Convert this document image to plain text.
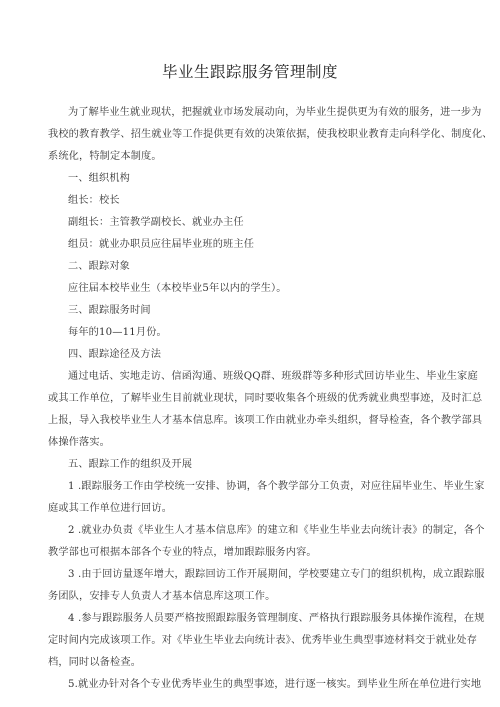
毕业生跟踪服务管理制度
为了解毕业生就业现状，把握就业市场发展动向，为毕业生提供更为有效的服务，进一步为
我校的教育教学、招生就业等工作提供更有效的决策依据，使我校职业教育走向科学化、制度化、
系统化，特制定本制度。
一、组织机构
组长：校长
副组长：主管教学副校长、就业办主任
组员：就业办职员应往届毕业班的班主任
二、跟踪对象
应往届本校毕业生（本校毕业5年以内的学生）。
三、跟踪服务时间
每年的10—11月份。
四、跟踪途径及方法
通过电话、实地走访、信函沟通、班级QQ群、班级群等多种形式回访毕业生、毕业生家庭
或其工作单位，了解毕业生目前就业现状，同时要收集各个班级的优秀就业典型事迹，及时汇总
上报，导入我校毕业生人才基本信息库。该项工作由就业办牵头组织，督导检查，各个教学部具
体操作落实。
五、跟踪工作的组织及开展
1 .跟踪服务工作由学校统一安排、协调，各个教学部分工负责，对应往届毕业生、毕业生家
庭或其工作单位进行回访。
2 .就业办负责《毕业生人才基本信息库》的建立和《毕业生毕业去向统计表》的制定，各个
教学部也可根据本部各个专业的特点，增加跟踪服务内容。
3 .由于回访量逐年增大，跟踪回访工作开展期间，学校要建立专门的组织机构，成立跟踪服
务团队，安排专人负责人才基本信息库这项工作。
4 .参与跟踪服务人员要严格按照跟踪服务管理制度、严格执行跟踪服务具体操作流程，在规
定时间内完成该项工作。对《毕业生毕业去向统计表》、优秀毕业生典型事迹材料交于就业处存
档，同时以备检查。
5.就业办针对各个专业优秀毕业生的典型事迹，进行逐一核实。到毕业生所在单位进行实地
